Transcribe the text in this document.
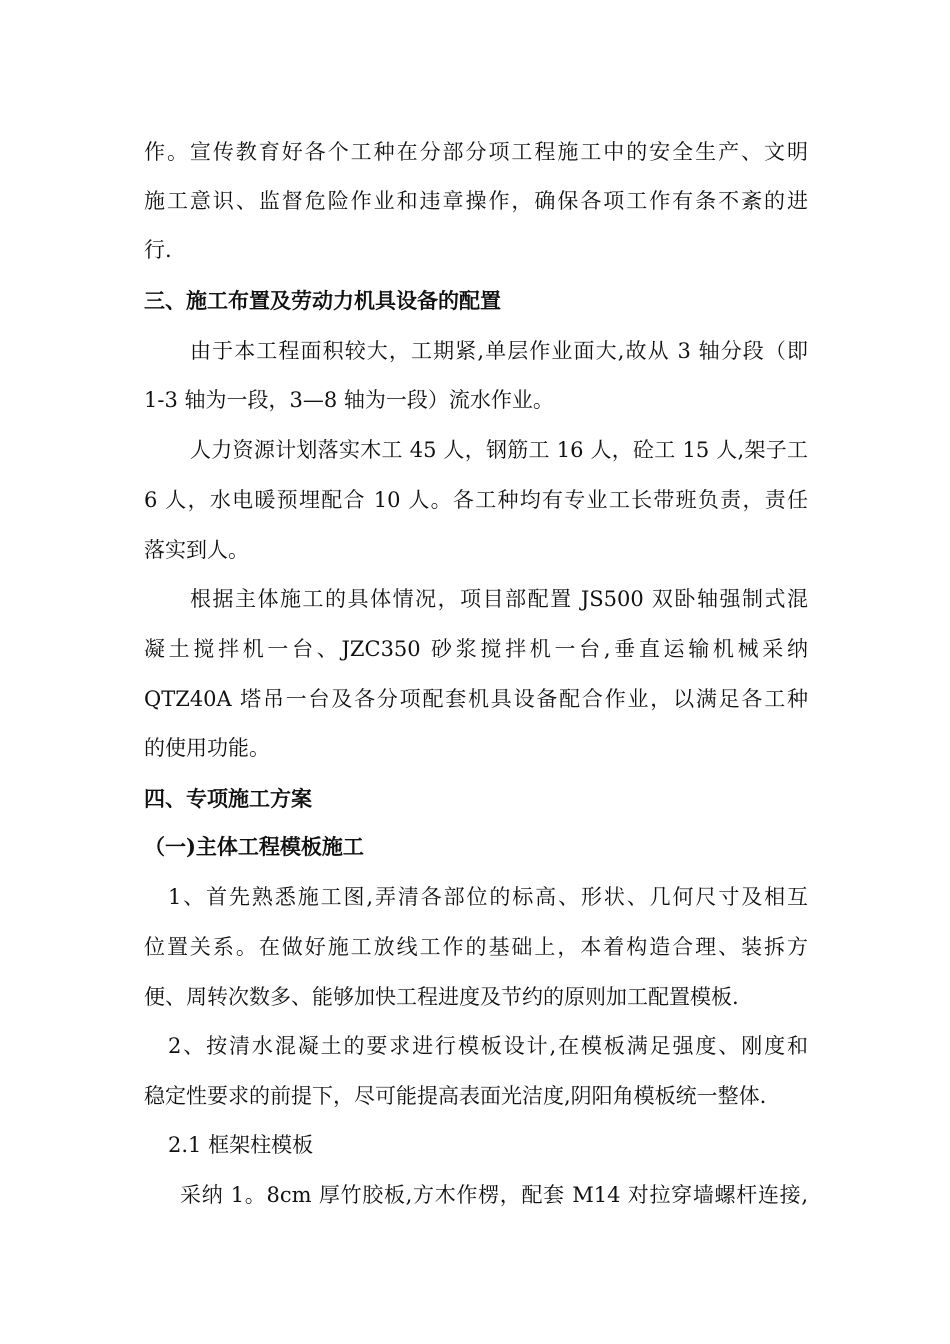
作。宣传教育好各个工种在分部分项工程施工中的安全生产、文明
施工意识、监督危险作业和违章操作，确保各项工作有条不紊的进
行.
三、施工布置及劳动力机具设备的配置
由于本工程面积较大，工期紧,单层作业面大,故从 3 轴分段（即
1-3 轴为一段，3—8 轴为一段）流水作业。
人力资源计划落实木工 45 人，钢筋工 16 人，砼工 15 人,架子工
6 人，水电暖预埋配合 10 人。各工种均有专业工长带班负责，责任
落实到人。
根据主体施工的具体情况，项目部配置 JS500 双卧轴强制式混
凝土搅拌机一台、JZC350 砂浆搅拌机一台,垂直运输机械采纳
QTZ40A 塔吊一台及各分项配套机具设备配合作业，以满足各工种
的使用功能。
四、专项施工方案
（一)主体工程模板施工
1、首先熟悉施工图,弄清各部位的标高、形状、几何尺寸及相互
位置关系。在做好施工放线工作的基础上，本着构造合理、装拆方
便、周转次数多、能够加快工程进度及节约的原则加工配置模板.
2、按清水混凝土的要求进行模板设计,在模板满足强度、刚度和
稳定性要求的前提下，尽可能提高表面光洁度,阴阳角模板统一整体.
2.1 框架柱模板
采纳 1。8cm 厚竹胶板,方木作楞，配套 M14 对拉穿墙螺杆连接,
